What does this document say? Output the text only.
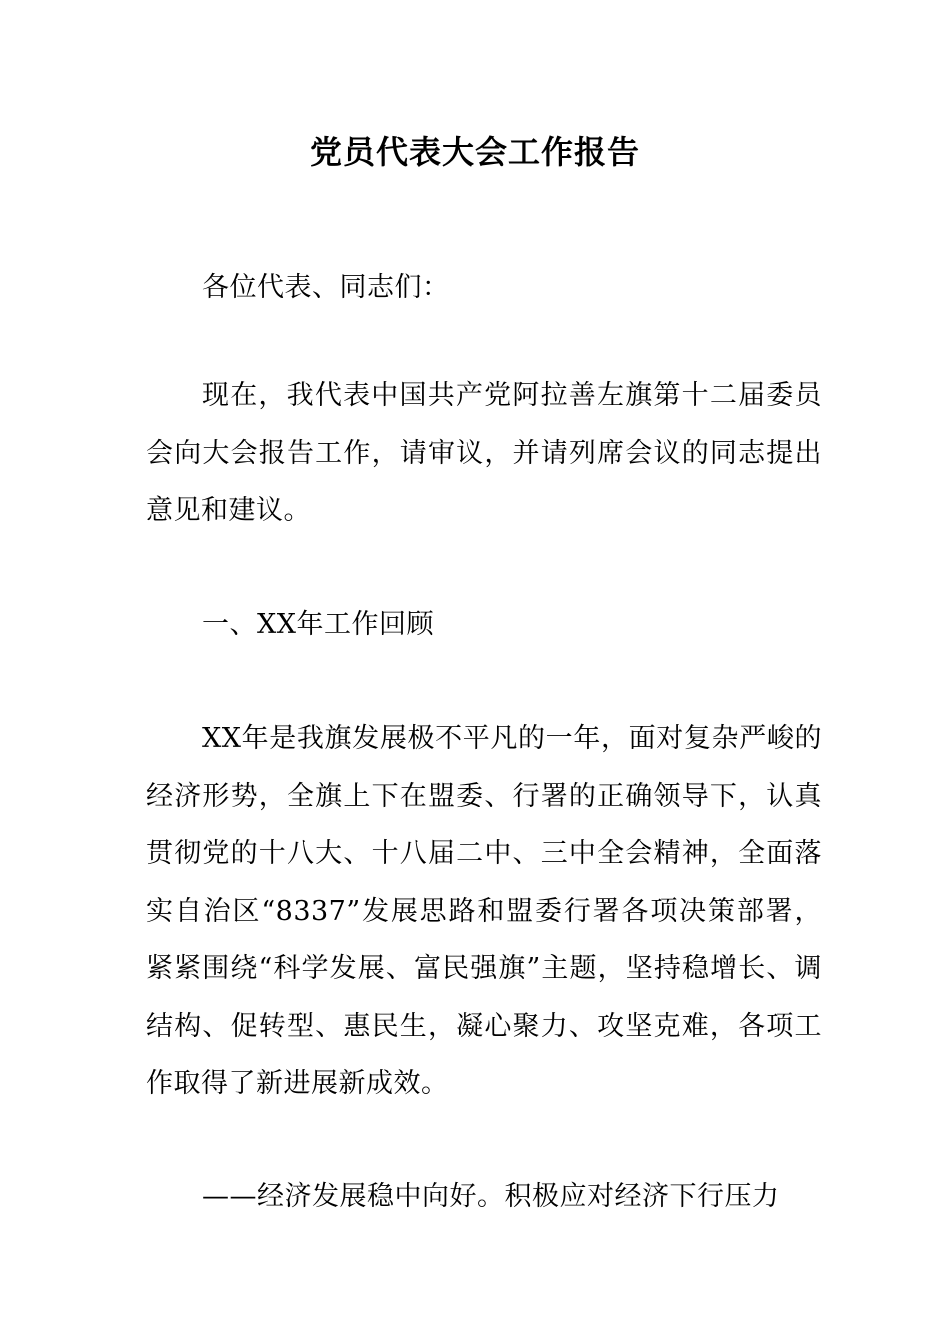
党员代表大会工作报告

各位代表、同志们：

现在，我代表中国共产党阿拉善左旗第十二届委员会向大会报告工作，请审议，并请列席会议的同志提出意见和建议。

一、XX年工作回顾

XX年是我旗发展极不平凡的一年，面对复杂严峻的经济形势，全旗上下在盟委、行署的正确领导下，认真贯彻党的十八大、十八届二中、三中全会精神，全面落实自治区“8337”发展思路和盟委行署各项决策部署，紧紧围绕“科学发展、富民强旗”主题，坚持稳增长、调结构、促转型、惠民生，凝心聚力、攻坚克难，各项工作取得了新进展新成效。

——经济发展稳中向好。积极应对经济下行压力
